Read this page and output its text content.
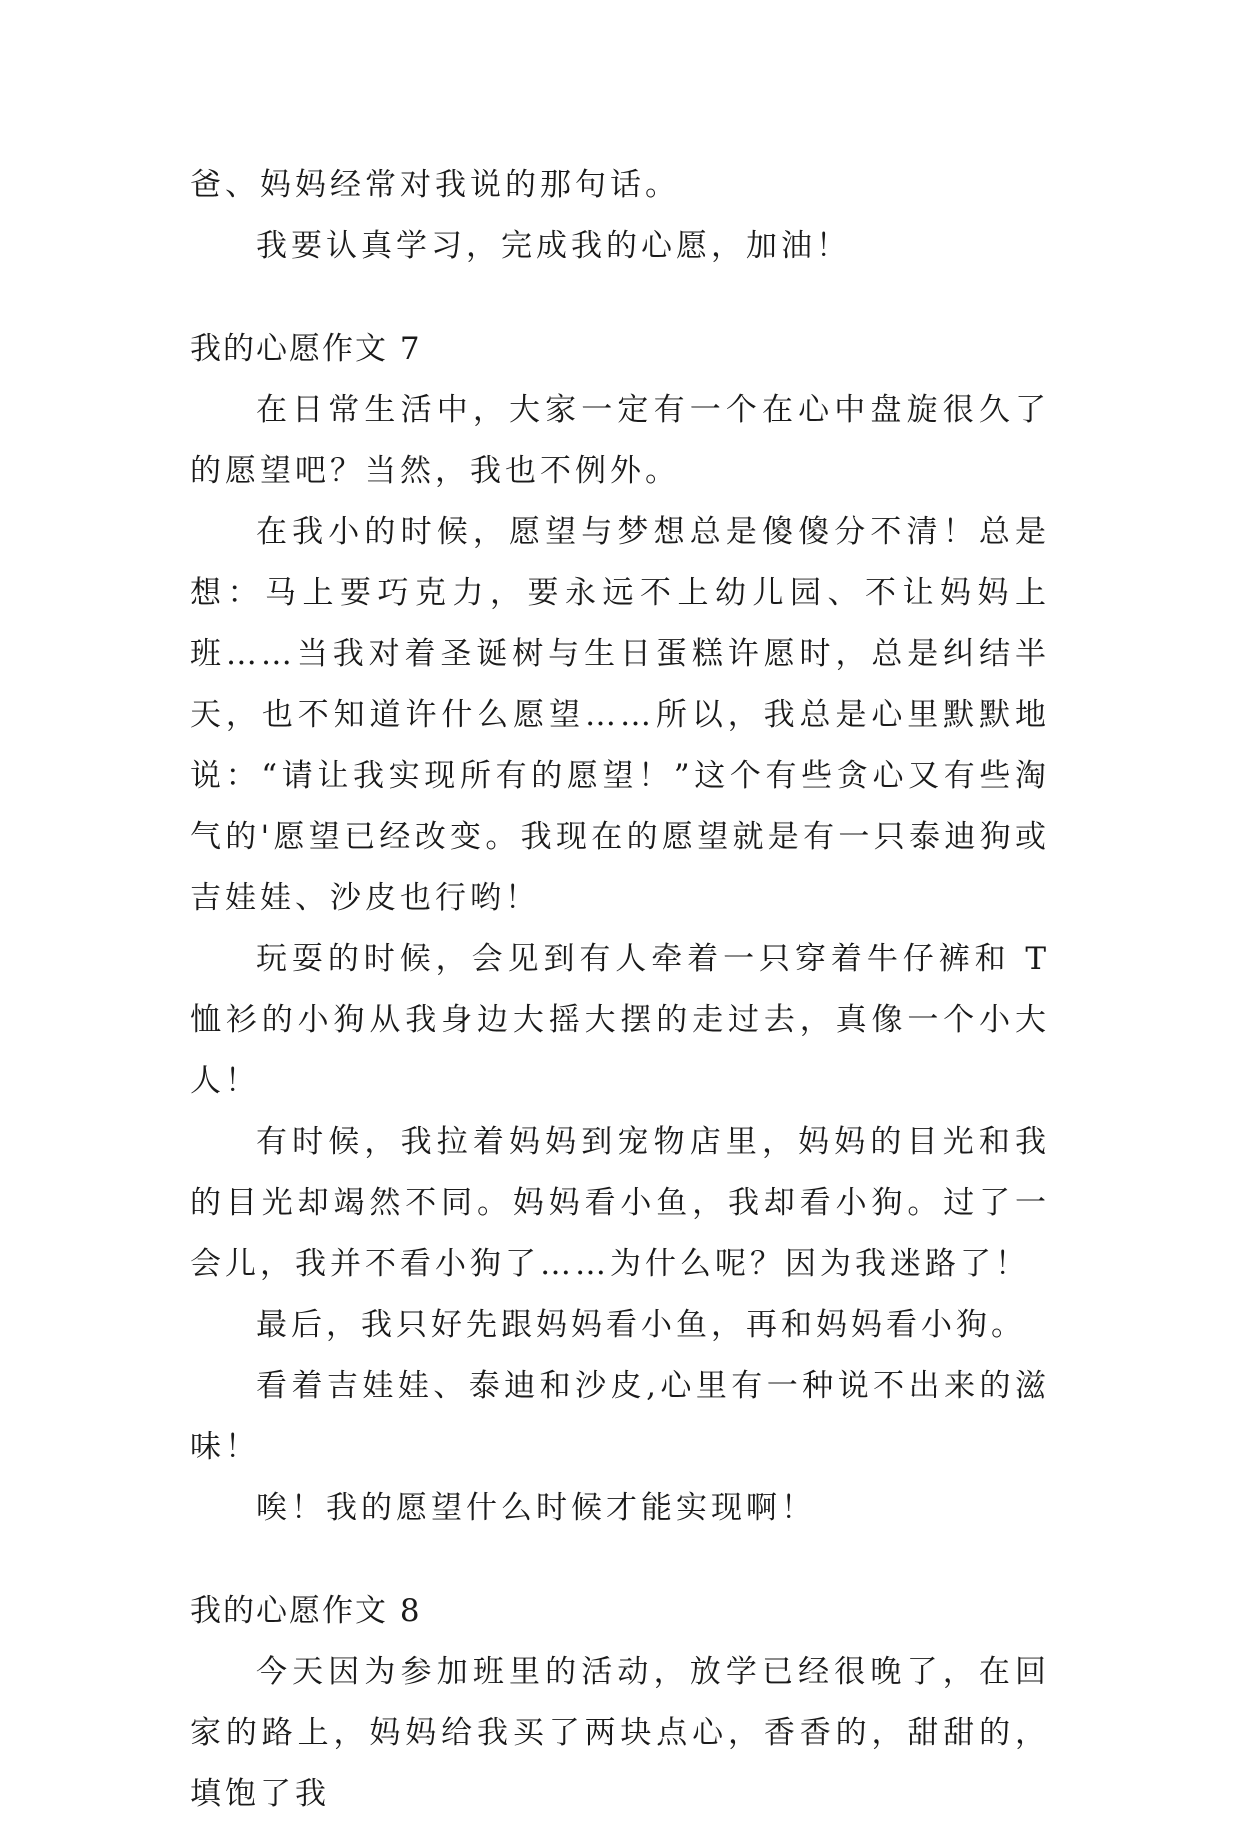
爸、妈妈经常对我说的那句话。

我要认真学习，完成我的心愿，加油！

我的心愿作文 7

在日常生活中，大家一定有一个在心中盘旋很久了的愿望吧？当然，我也不例外。

在我小的时候，愿望与梦想总是傻傻分不清！总是想：马上要巧克力，要永远不上幼儿园、不让妈妈上班……当我对着圣诞树与生日蛋糕许愿时，总是纠结半天，也不知道许什么愿望……所以，我总是心里默默地说：“请让我实现所有的愿望！”这个有些贪心又有些淘气的'愿望已经改变。我现在的愿望就是有一只泰迪狗或吉娃娃、沙皮也行哟！

玩耍的时候，会见到有人牵着一只穿着牛仔裤和 T 恤衫的小狗从我身边大摇大摆的走过去，真像一个小大人！

有时候，我拉着妈妈到宠物店里，妈妈的目光和我的目光却竭然不同。妈妈看小鱼，我却看小狗。过了一会儿，我并不看小狗了……为什么呢？因为我迷路了！

最后，我只好先跟妈妈看小鱼，再和妈妈看小狗。

看着吉娃娃、泰迪和沙皮,心里有一种说不出来的滋味！

唉！我的愿望什么时候才能实现啊！

我的心愿作文 8

今天因为参加班里的活动，放学已经很晚了，在回家的路上，妈妈给我买了两块点心，香香的，甜甜的，填饱了我
